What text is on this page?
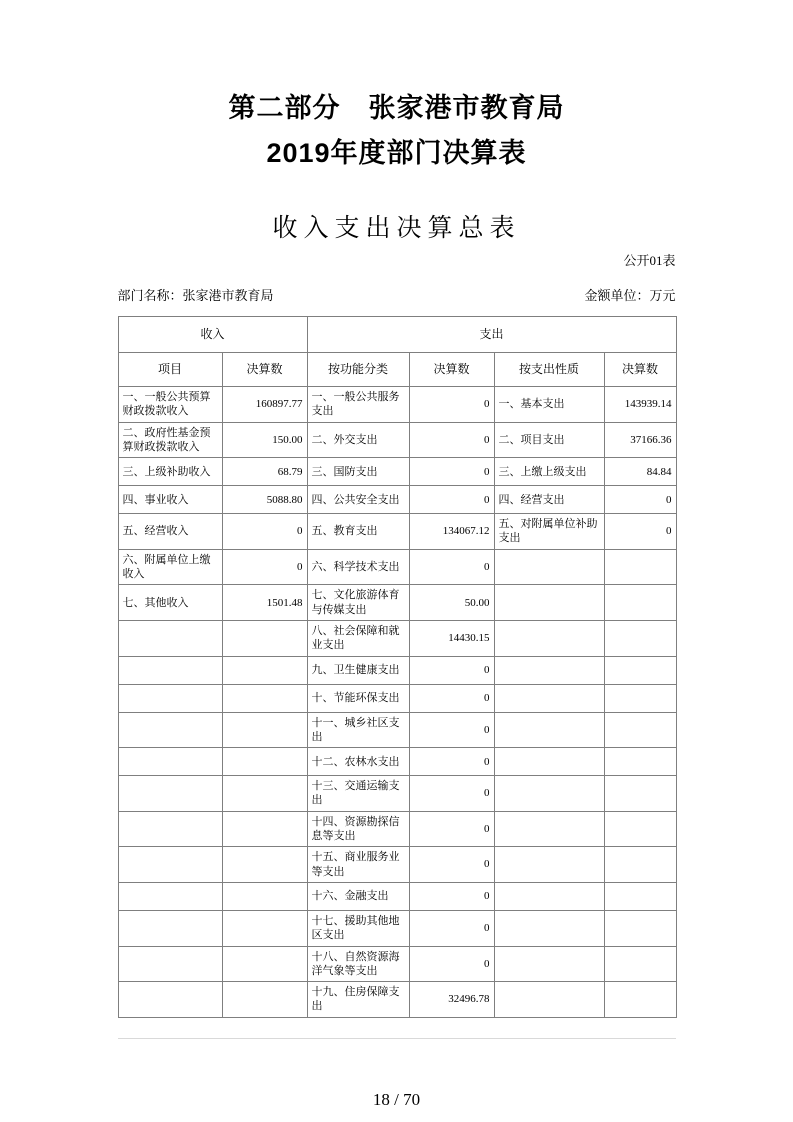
第二部分　张家港市教育局
2019年度部门决算表
收入支出决算总表
公开01表
部门名称：张家港市教育局	金额单位：万元
收入		支出			
项目	决算数	按功能分类	决算数	按支出性质	决算数
一、一般公共预算财政拨款收入	160897.77	一、一般公共服务支出	0	一、基本支出	143939.14
二、政府性基金预算财政拨款收入	150.00	二、外交支出	0	二、项目支出	37166.36
三、上级补助收入	68.79	三、国防支出	0	三、上缴上级支出	84.84
四、事业收入	5088.80	四、公共安全支出	0	四、经营支出	0
五、经营收入	0	五、教育支出	134067.12	五、对附属单位补助支出	0
六、附属单位上缴收入	0	六、科学技术支出	0		
七、其他收入	1501.48	七、文化旅游体育与传媒支出	50.00		
		八、社会保障和就业支出	14430.15		
		九、卫生健康支出	0		
		十、节能环保支出	0		
		十一、城乡社区支出	0		
		十二、农林水支出	0		
		十三、交通运输支出	0		
		十四、资源勘探信息等支出	0		
		十五、商业服务业等支出	0		
		十六、金融支出	0		
		十七、援助其他地区支出	0		
		十八、自然资源海洋气象等支出	0		
		十九、住房保障支出	32496.78		
18 / 70
